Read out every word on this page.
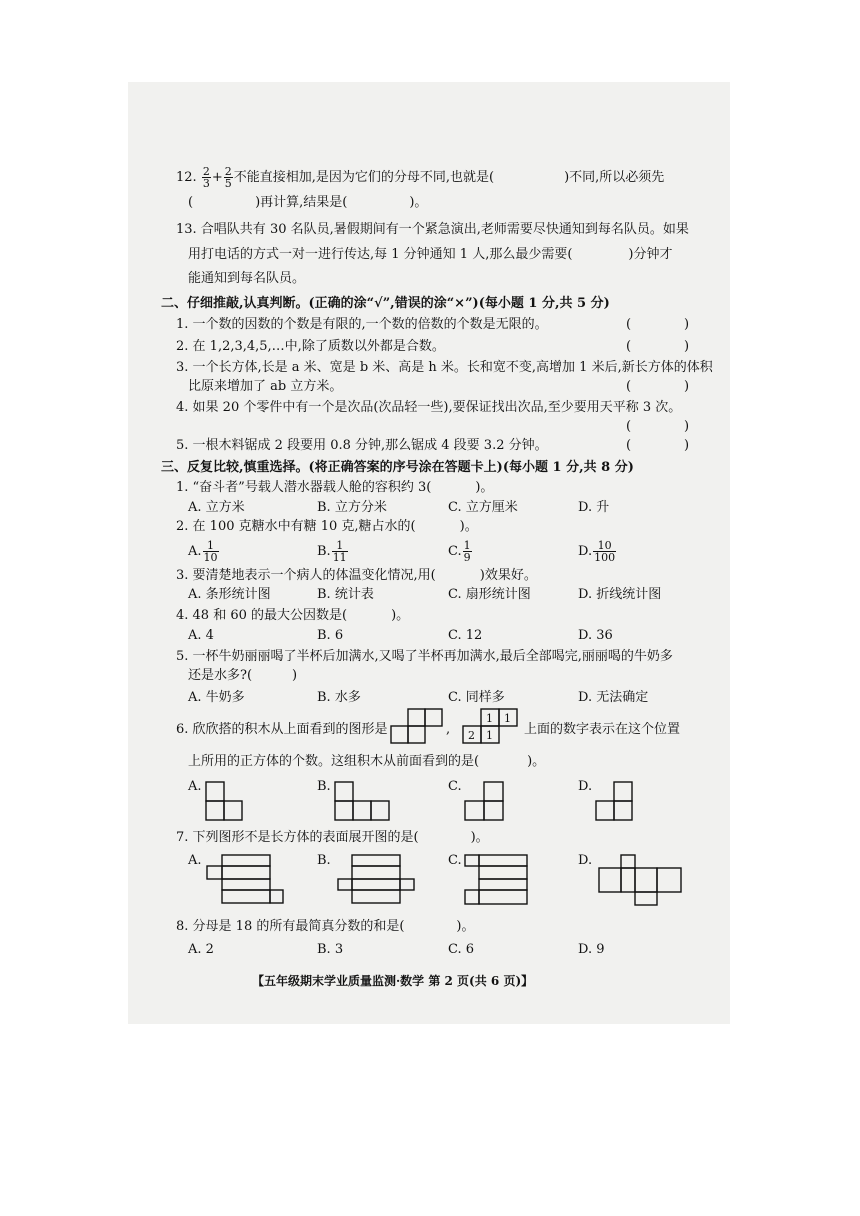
12. $\frac{2}{3} + \frac{2}{5}$ 不能直接相加,是因为它们的分母不同,也就是(	)不同,所以必须先
(	)再计算,结果是(	)。
13. 合唱队共有 30 名队员,暑假期间有一个紧急演出,老师需要尽快通知到每名队员。如果
用打电话的方式一对一进行传达,每 1 分钟通知 1 人,那么最少需要(	)分钟才
能通知到每名队员。
二、仔细推敲,认真判断。(正确的涂“√”,错误的涂“×”)(每小题 1 分,共 5 分)
1. 一个数的因数的个数是有限的,一个数的倍数的个数是无限的。	(	)
2. 在 1,2,3,4,5,…中,除了质数以外都是合数。	(	)
3. 一个长方体,长是 a 米、宽是 b 米、高是 h 米。长和宽不变,高增加 1 米后,新长方体的体积
比原来增加了 ab 立方米。	(	)
4. 如果 20 个零件中有一个是次品(次品轻一些),要保证找出次品,至少要用天平称 3 次。
(	)
5. 一根木料锯成 2 段要用 0.8 分钟,那么锯成 4 段要 3.2 分钟。	(	)
三、反复比较,慎重选择。(将正确答案的序号涂在答题卡上)(每小题 1 分,共 8 分)
1. “奋斗者”号载人潜水器载人舱的容积约 3(	)。
A. 立方米	B. 立方分米	C. 立方厘米	D. 升
2. 在 100 克糖水中有糖 10 克,糖占水的(	)。
A. $\frac{1}{10}$	B. $\frac{1}{11}$	C. $\frac{1}{9}$	D. $\frac{10}{100}$
3. 要清楚地表示一个病人的体温变化情况,用(	)效果好。
A. 条形统计图	B. 统计表	C. 扇形统计图	D. 折线统计图
4. 48 和 60 的最大公因数是(	)。
A. 4	B. 6	C. 12	D. 36
5. 一杯牛奶丽丽喝了半杯后加满水,又喝了半杯再加满水,最后全部喝完,丽丽喝的牛奶多
还是水多?(	)
A. 牛奶多	B. 水多	C. 同样多	D. 无法确定
6. 欣欣搭的积木从上面看到的图形是	,
1 1
2 1 上面的数字表示在这个位置
上所用的正方体的个数。这组积木从前面看到的是(	)。
A.	B.	C.	D.
7. 下列图形不是长方体的表面展开图的是(	)。
A.	B.	C.	D.
8. 分母是 18 的所有最简真分数的和是(	)。
A. 2	B. 3	C. 6	D. 9
【五年级期末学业质量监测·数学 第 2 页(共 6 页)】
